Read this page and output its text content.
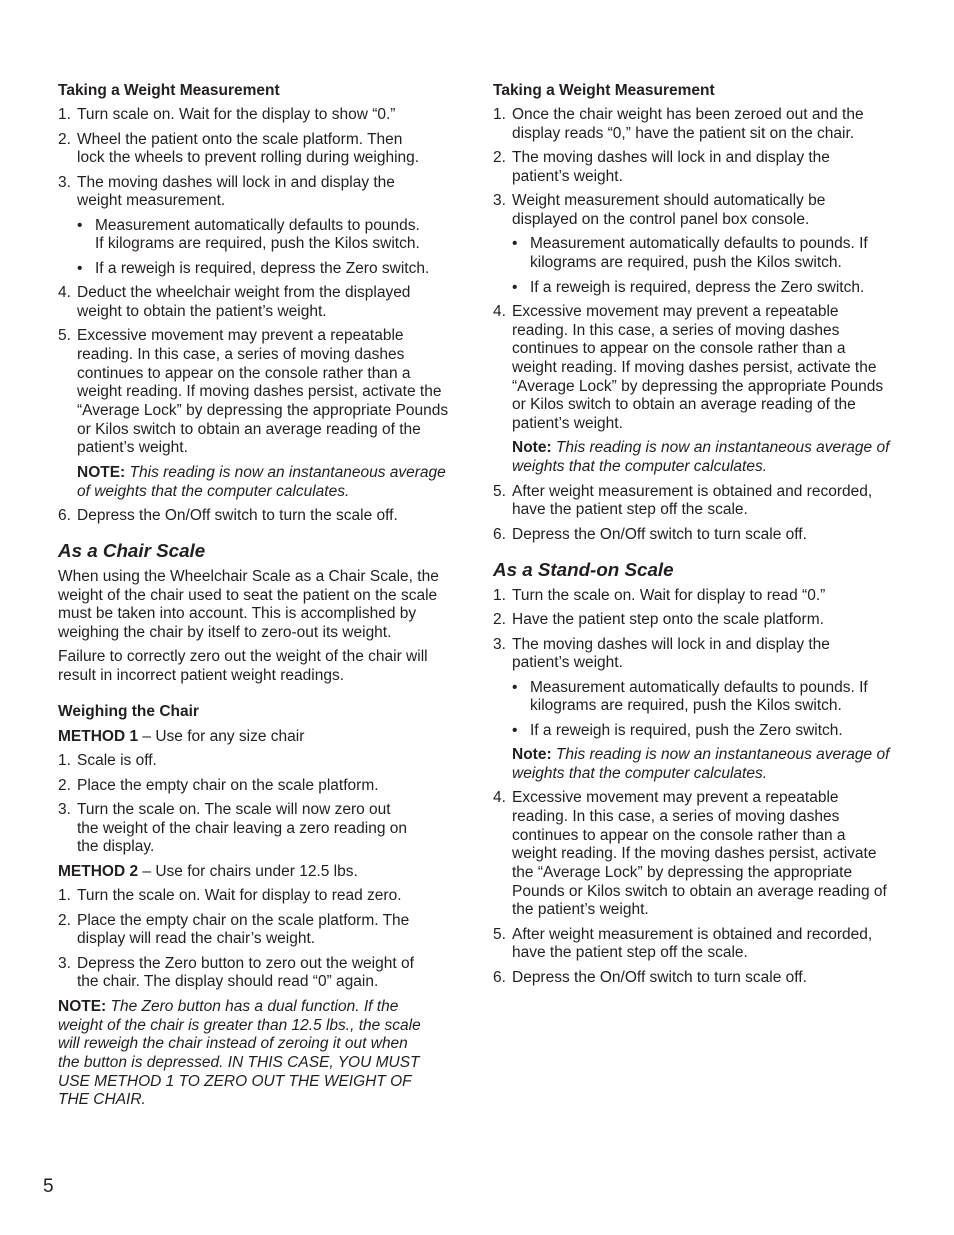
Taking a Weight Measurement
1. Turn scale on. Wait for the display to show “0.”
2. Wheel the patient onto the scale platform. Then
lock the wheels to prevent rolling during weighing.
3. The moving dashes will lock in and display the
weight measurement.
•
Measurement automatically defaults to pounds.
If kilograms are required, push the Kilos switch.
•
If a reweigh is required, depress the Zero switch.
4. Deduct the wheelchair weight from the displayed
weight to obtain the patient’s weight.
5. Excessive movement may prevent a repeatable
reading. In this case, a series of moving dashes
continues to appear on the console rather than a
weight reading. If moving dashes persist, activate the
“Average Lock” by depressing the appropriate Pounds
or Kilos switch to obtain an average reading of the
patient’s weight.

NOTE: This reading is now an instantaneous average
of weights that the computer calculates.

6. Depress the On/Off switch to turn the scale off.
As a Chair Scale

When using the Wheelchair Scale as a Chair Scale, the
weight of the chair used to seat the patient on the scale
must be taken into account. This is accomplished by
weighing the chair by itself to zero-out its weight.

Failure to correctly zero out the weight of the chair will
result in incorrect patient weight readings.

Weighing the Chair

METHOD 1 – Use for any size chair

1. Scale is off.
2. Place the empty chair on the scale platform.
3. Turn the scale on. The scale will now zero out
the weight of the chair leaving a zero reading on
the display.

METHOD 2 – Use for chairs under 12.5 lbs.

1. Turn the scale on. Wait for display to read zero.
2. Place the empty chair on the scale platform. The
display will read the chair’s weight.
3. Depress the Zero button to zero out the weight of
the chair. The display should read “0” again.

NOTE: The Zero button has a dual function. If the
weight of the chair is greater than 12.5 lbs., the scale
will reweigh the chair instead of zeroing it out when
the button is depressed. IN THIS CASE, YOU MUST
USE METHOD 1 TO ZERO OUT THE WEIGHT OF
THE CHAIR.

Taking a Weight Measurement
1. Once the chair weight has been zeroed out and the
display reads “0,” have the patient sit on the chair.
2. The moving dashes will lock in and display the
patient’s weight.
3. Weight measurement should automatically be
displayed on the control panel box console.
•
Measurement automatically defaults to pounds. If
kilograms are required, push the Kilos switch.
•
If a reweigh is required, depress the Zero switch.
4. Excessive movement may prevent a repeatable
reading. In this case, a series of moving dashes
continues to appear on the console rather than a
weight reading. If moving dashes persist, activate the
“Average Lock” by depressing the appropriate Pounds
or Kilos switch to obtain an average reading of the
patient’s weight.

Note: This reading is now an instantaneous average of
weights that the computer calculates.

5. After weight measurement is obtained and recorded,
have the patient step off the scale.
6. Depress the On/Off switch to turn scale off.
As a Stand-on Scale
1. Turn the scale on. Wait for display to read “0.”
2. Have the patient step onto the scale platform.
3. The moving dashes will lock in and display the
patient’s weight.
•
Measurement automatically defaults to pounds. If
kilograms are required, push the Kilos switch.
•
If a reweigh is required, push the Zero switch.

Note: This reading is now an instantaneous average of
weights that the computer calculates.

4. Excessive movement may prevent a repeatable
reading. In this case, a series of moving dashes
continues to appear on the console rather than a
weight reading. If the moving dashes persist, activate
the “Average Lock” by depressing the appropriate
Pounds or Kilos switch to obtain an average reading of
the patient’s weight.
5. After weight measurement is obtained and recorded,
have the patient step off the scale.
6. Depress the On/Off switch to turn scale off.
5
